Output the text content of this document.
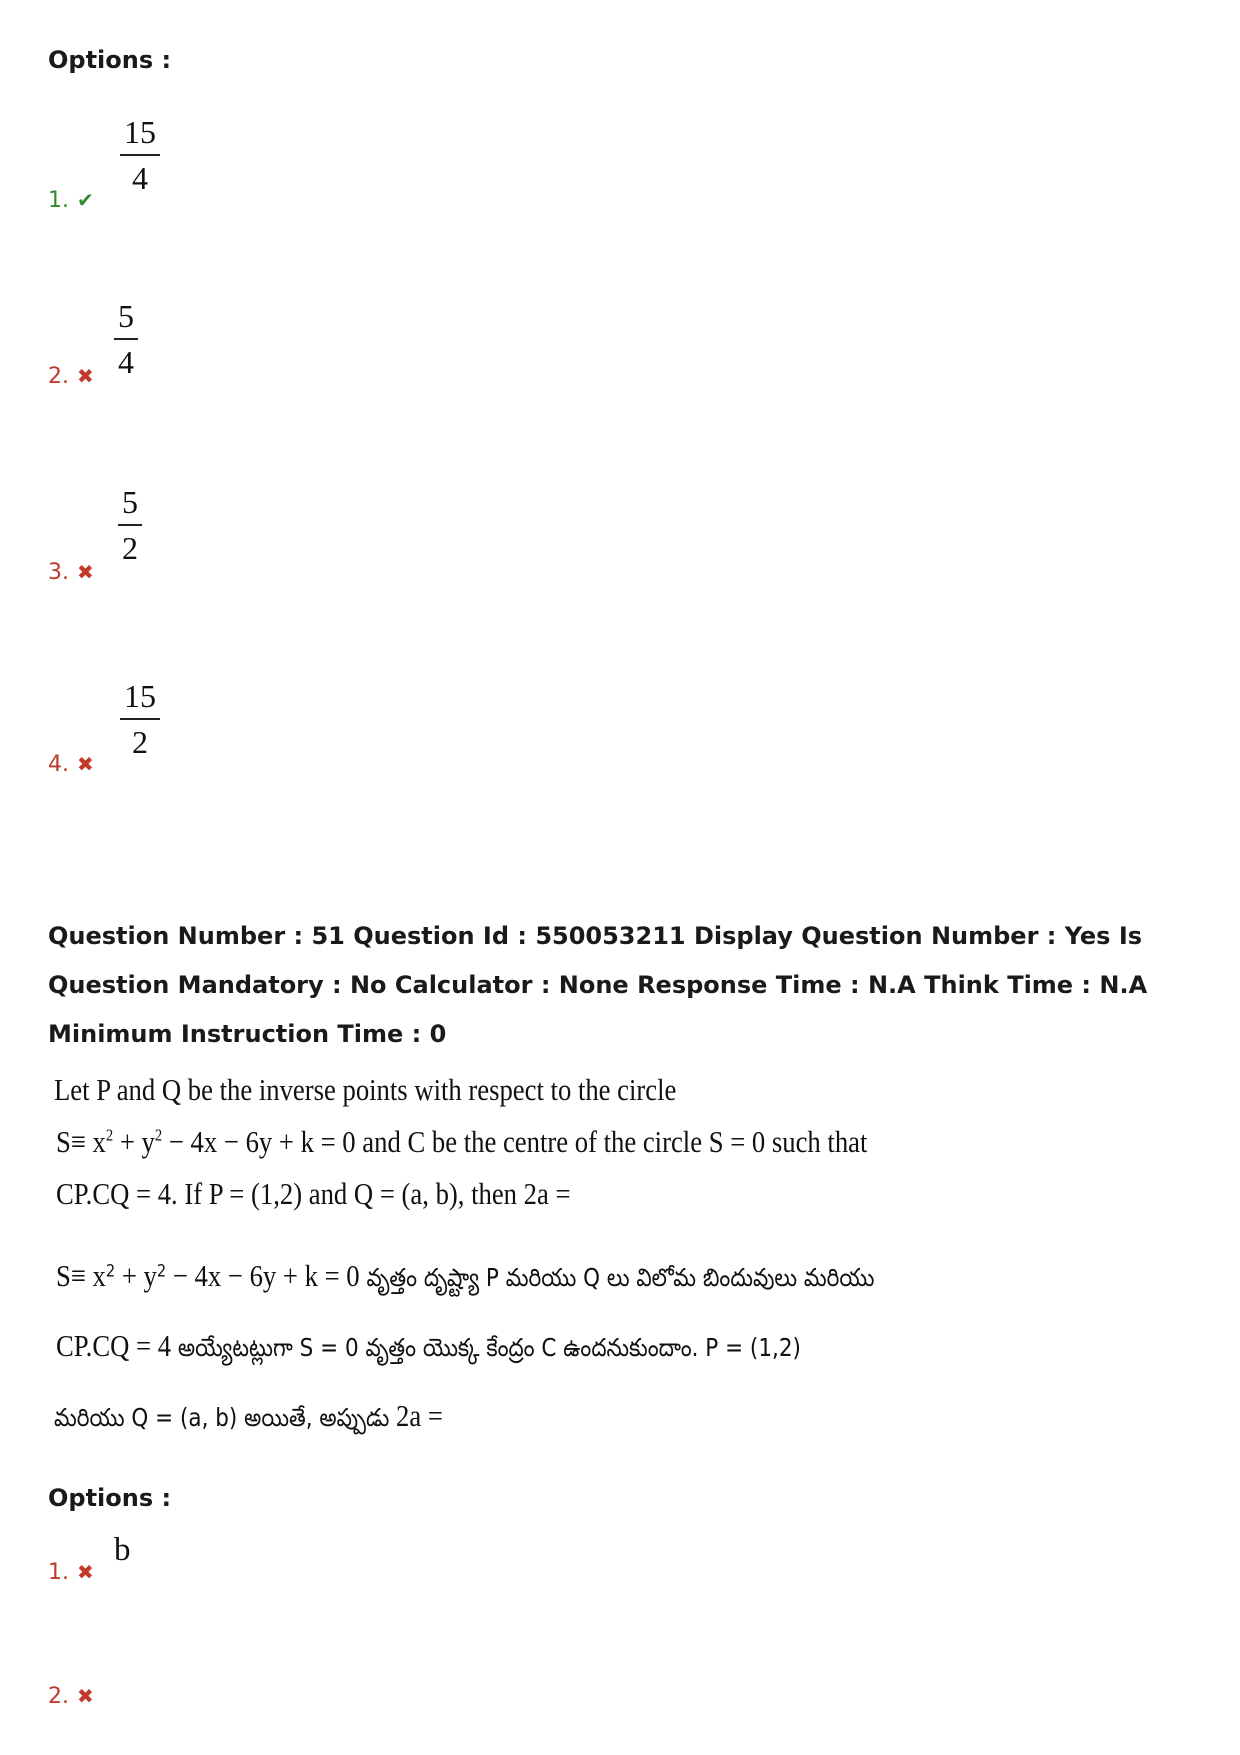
Options :
1. ✔
15
4
2. ✖
5
4
3. ✖
5
2
4. ✖
15
2
Question Number : 51 Question Id : 550053211 Display Question Number : Yes Is Question Mandatory : No Calculator : None Response Time : N.A Think Time : N.A Minimum Instruction Time : 0
Let P and Q be the inverse points with respect to the circle
$S\equiv x^2 + y^2 - 4x - 6y + k = 0$ and C be the centre of the circle S = 0 such that
CP.CQ = 4. If P = (1,2) and Q = (a, b), then 2a =
$S\equiv x^2 + y^2 - 4x - 6y + k = 0$ వృత్తం దృష్ట్యా P మరియు Q లు విలోమ బిందువులు మరియు
CP.CQ = 4 అయ్యేటట్లుగా S = 0 వృత్తం యొక్క కేంద్రం C ఉందనుకుందాం. P = (1,2)
మరియు Q = (a, b) అయితే, అప్పుడు 2a =
Options :
1. ✖
b
2. ✖
